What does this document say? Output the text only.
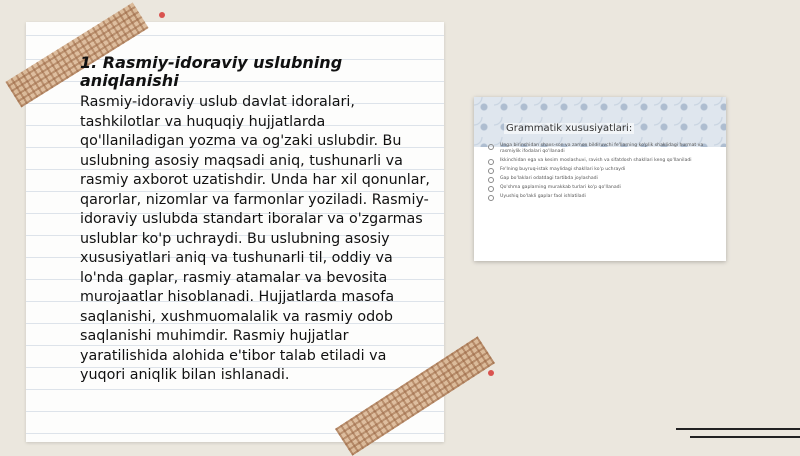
1. Rasmiy-idoraviy uslubning aniqlanishi

Rasmiy-idoraviy uslub davlat idoralari, tashkilotlar va huquqiy hujjatlarda qo'llaniladigan yozma va og'zaki uslubdir. Bu uslubning asosiy maqsadi aniq, tushunarli va rasmiy axborot uzatishdir. Unda har xil qonunlar, qarorlar, nizomlar va farmonlar yoziladi. Rasmiy-idoraviy uslubda standart iboralar va o'zgarmas uslublar ko'p uchraydi. Bu uslubning asosiy xususiyatlari aniq va tushunarli til, oddiy va lo'nda gaplar, rasmiy atamalar va bevosita murojaatlar hisoblanadi. Hujjatlarda masofa saqlanishi, xushmuomalalik va rasmiy odob saqlanishi muhimdir. Rasmiy hujjatlar yaratilishida alohida e'tibor talab etiladi va yuqori aniqlik bilan ishlanadi.

Grammatik xususiyatlari:
Unga birinchidan shaxs-son va zamon bildiruvchi fe'llarning ko'plik shaklidagi hurmat va rasmiylik ifodalari qo'llanadi
Ikkinchidan ega va kesim moslashuvi, ravish va sifatdosh shakllari keng qo'llaniladi
Fe'lning buyruq-istak maylidagi shakllari ko'p uchraydi
Gap bo'laklari odatdagi tartibda joylashadi
Qo'shma gaplarning murakkab turlari ko'p qo'llanadi
Uyushiq bo'lakli gaplar faol ishlatiladi
